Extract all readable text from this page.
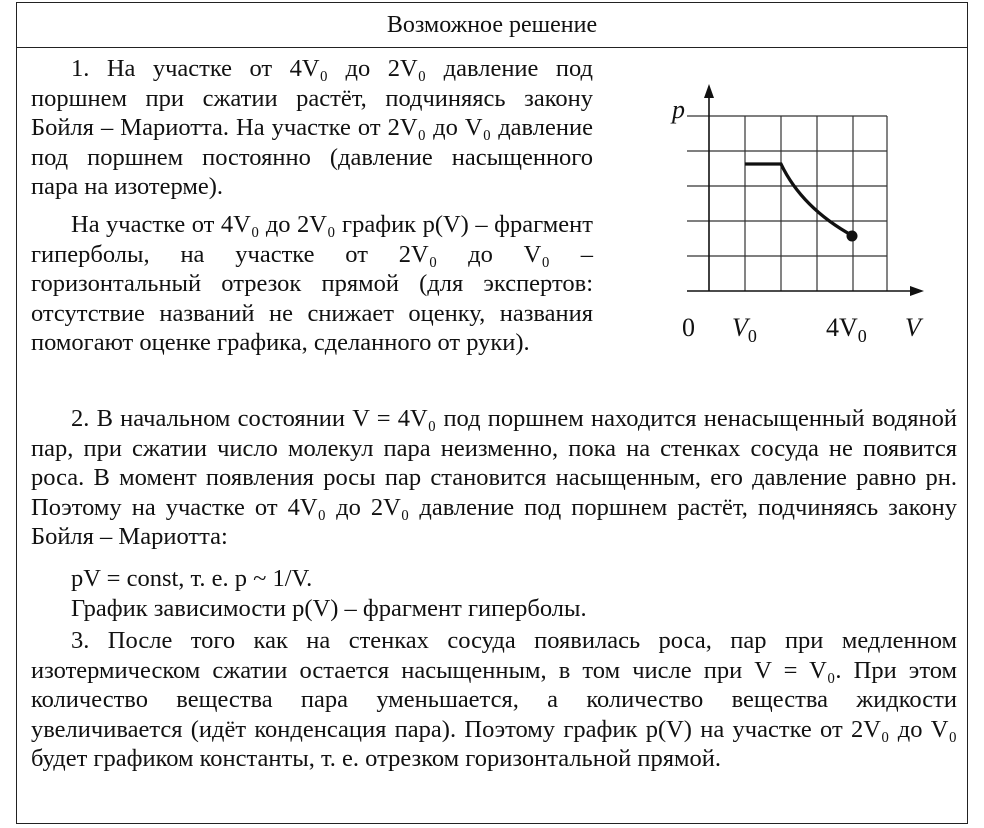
Возможное решение

1. На участке от 4V₀ до 2V₀ давление под поршнем при сжатии растёт, подчиняясь закону Бойля – Мариотта. На участке от 2V₀ до V₀ давление под поршнем постоянно (давление насыщенного пара на изотерме).

На участке от 4V₀ до 2V₀ график p(V) – фрагмент гиперболы, на участке от 2V₀ до V₀ – горизонтальный отрезок прямой (для экспертов: отсутствие названий не снижает оценку, названия помогают оценке графика, сделанного от руки).

2. В начальном состоянии V = 4V₀ под поршнем находится ненасыщенный водяной пар, при сжатии число молекул пара неизменно, пока на стенках сосуда не появится роса. В момент появления росы пар становится насыщенным, его давление равно pн. Поэтому на участке от 4V₀ до 2V₀ давление под поршнем растёт, подчиняясь закону Бойля – Мариотта:

pV = const, т. е. p ~ 1/V.

График зависимости p(V) – фрагмент гиперболы.

3. После того как на стенках сосуда появилась роса, пар при медленном изотермическом сжатии остается насыщенным, в том числе при V = V₀. При этом количество вещества пара уменьшается, а количество вещества жидкости увеличивается (идёт конденсация пара). Поэтому график p(V) на участке от 2V₀ до V₀ будет графиком константы, т. е. отрезком горизонтальной прямой.

p
V
0 $V_0$	$4V_0$
